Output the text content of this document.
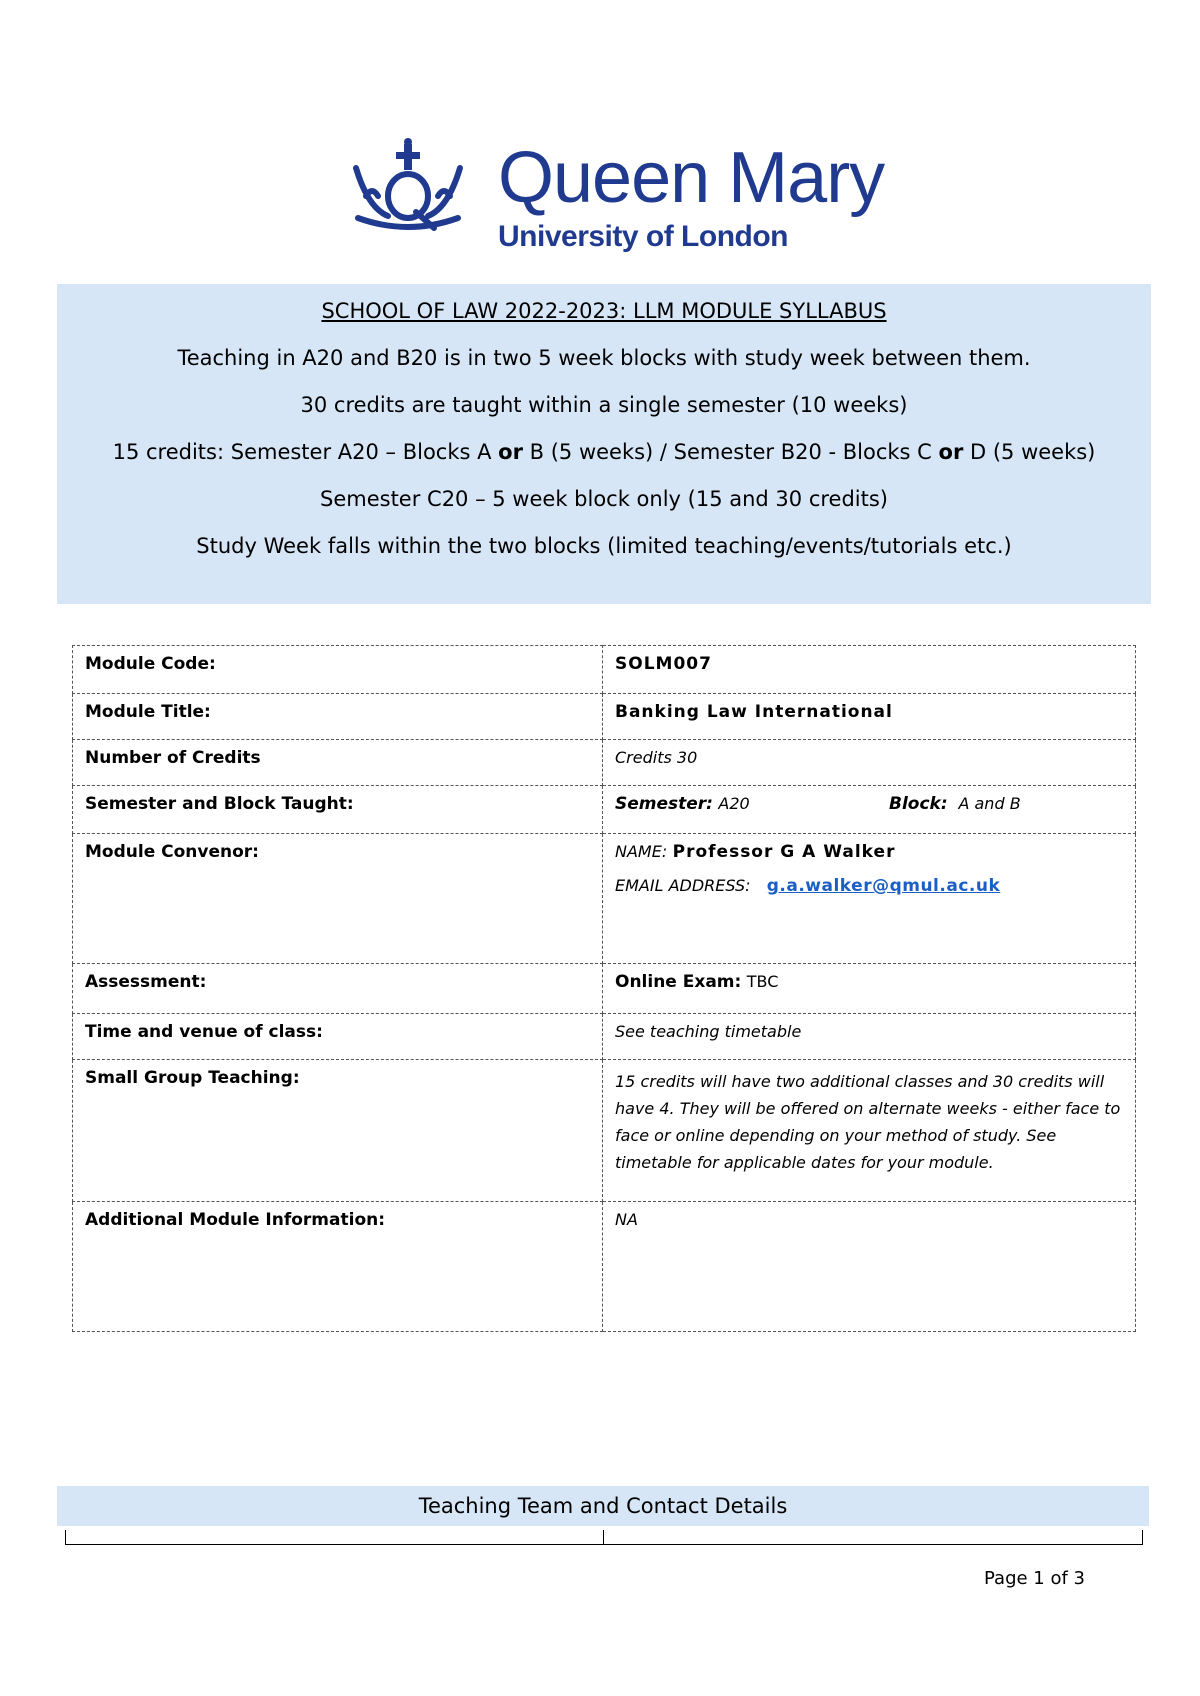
Queen Mary
University of London

SCHOOL OF LAW 2022-2023: LLM MODULE SYLLABUS

Teaching in A20 and B20 is in two 5 week blocks with study week between them.

30 credits are taught within a single semester (10 weeks)

15 credits: Semester A20 – Blocks A or B (5 weeks) / Semester B20 - Blocks C or D (5 weeks)

Semester C20 – 5 week block only (15 and 30 credits)

Study Week falls within the two blocks (limited teaching/events/tutorials etc.)

Module Code:	SOLM007
Module Title:	Banking Law International
Number of Credits	Credits 30
Semester and Block Taught:	Semester: A20 Block: A and B
Module Convenor:	NAME: Professor G A Walker
EMAIL ADDRESS: g.a.walker@qmul.ac.uk

Assessment:	Online Exam: TBC
Time and venue of class:	See teaching timetable
Small Group Teaching:	15 credits will have two additional classes and 30 credits will have 4. They will be offered on alternate weeks - either face to face or online depending on your method of study. See timetable for applicable dates for your module.

Additional Module Information:	NA
Teaching Team and Contact Details
Page 1 of 3
